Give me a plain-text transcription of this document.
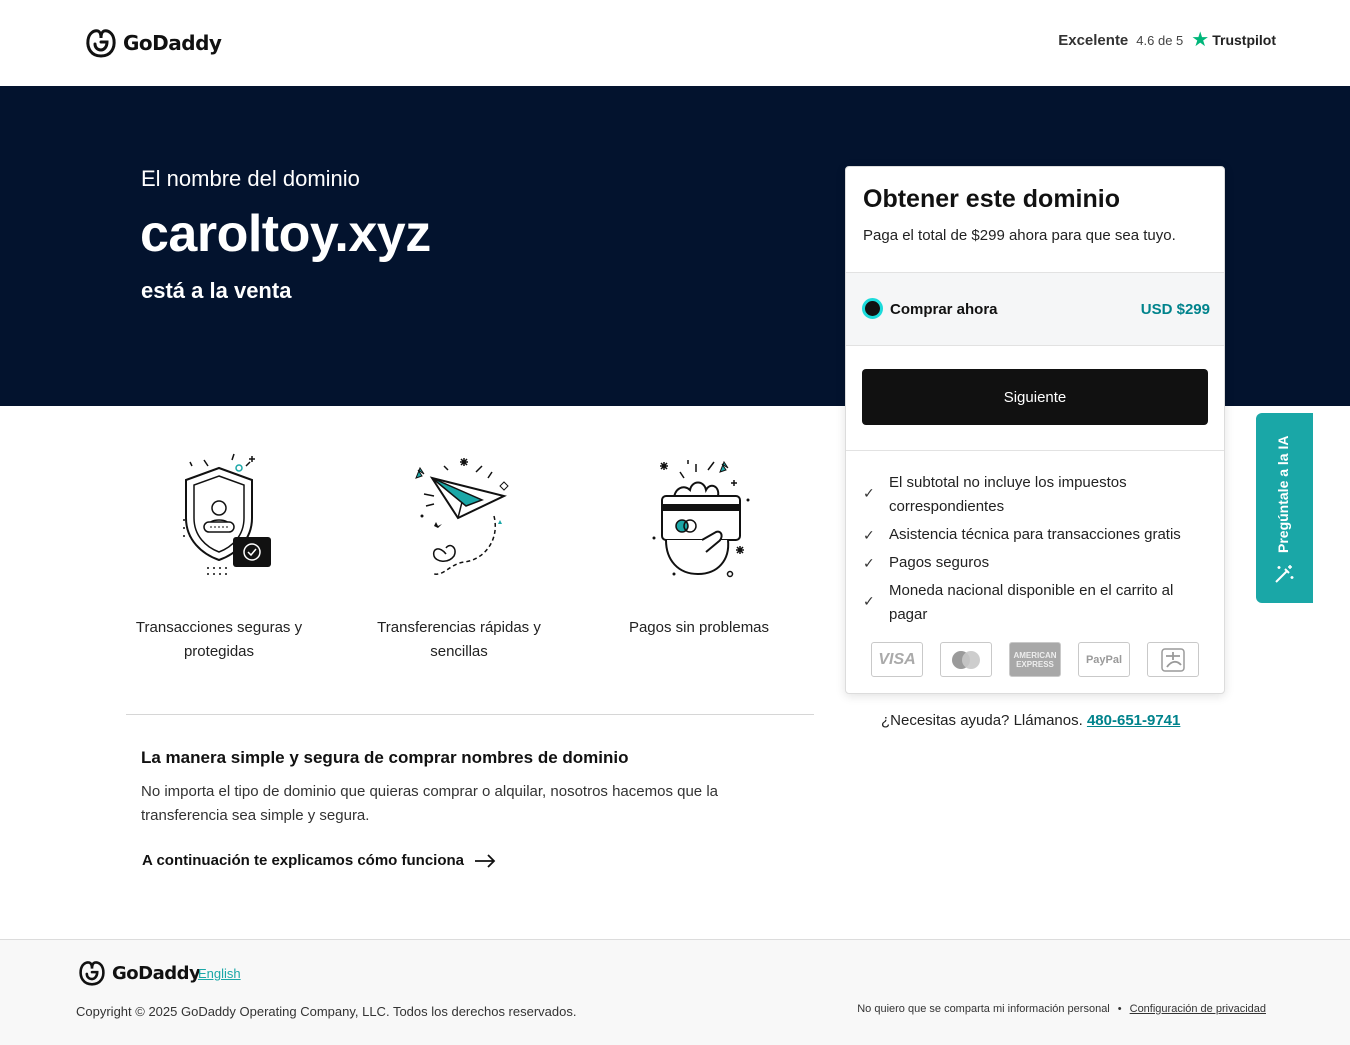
GoDaddy	Excelente 4.6 de 5 ★ Trustpilot
El nombre del dominio
caroltoy.xyz
está a la venta
Transacciones seguras y protegidas
Transferencias rápidas y sencillas
Pagos sin problemas
La manera simple y segura de comprar nombres de dominio
No importa el tipo de dominio que quieras comprar o alquilar, nosotros hacemos que la transferencia sea simple y segura.
A continuación te explicamos cómo funciona
Obtener este dominio
Paga el total de $299 ahora para que sea tuyo.
Comprar ahora	USD $299
Siguiente
✓
El subtotal no incluye los impuestos correspondientes
✓ Asistencia técnica para transacciones gratis
✓ Pagos seguros
✓
Moneda nacional disponible en el carrito al pagar
VISA	AMERICAN EXPRESS	PayPal
¿Necesitas ayuda? Llámanos. 480-651-9741
Pregúntale a la IA
GoDaddy
English
Copyright © 2025 GoDaddy Operating Company, LLC. Todos los derechos reservados.	No quiero que se comparta mi información personal • Configuración de privacidad
